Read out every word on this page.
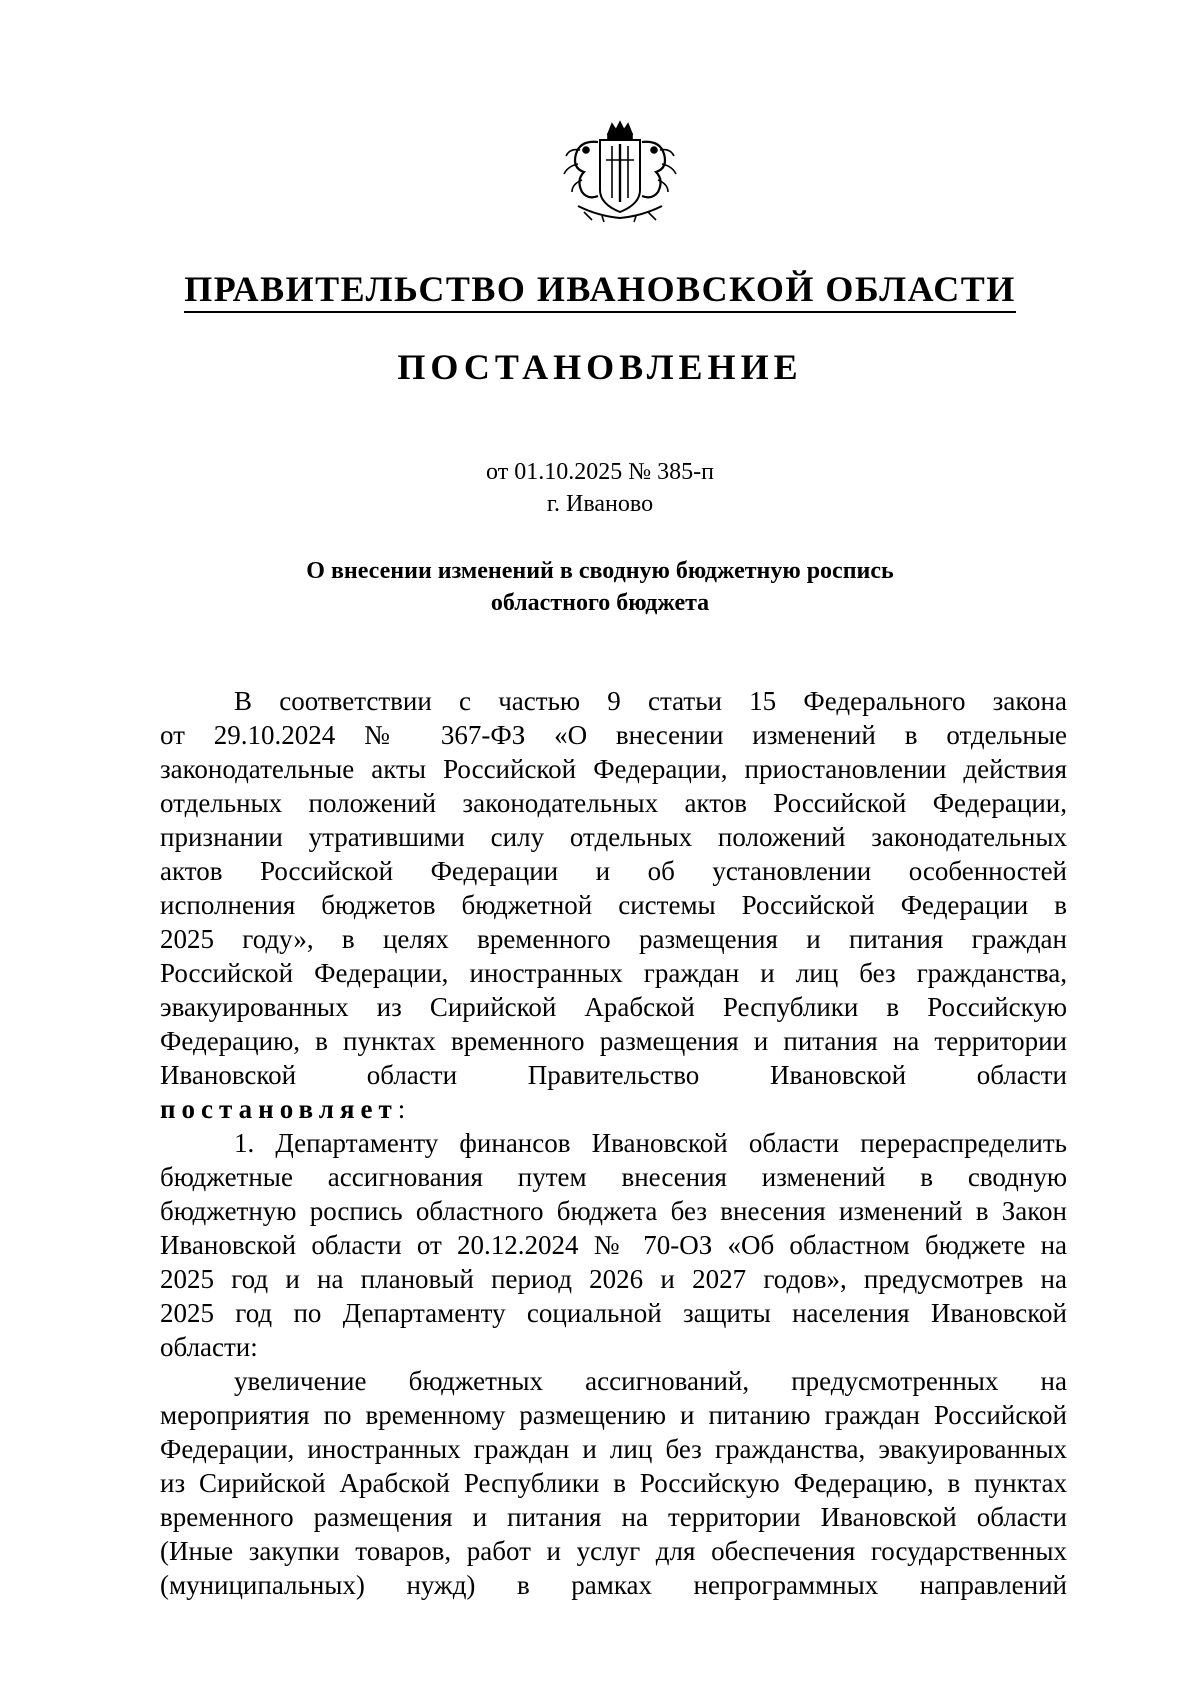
ПРАВИТЕЛЬСТВО ИВАНОВСКОЙ ОБЛАСТИ
ПОСТАНОВЛЕНИЕ
от 01.10.2025 № 385-п
г. Иваново
О внесении изменений в сводную бюджетную роспись
областного бюджета
В соответствии с частью 9 статьи 15 Федерального закона
от 29.10.2024 № 367-ФЗ «О внесении изменений в отдельные
законодательные акты Российской Федерации, приостановлении действия
отдельных положений законодательных актов Российской Федерации,
признании утратившими силу отдельных положений законодательных
актов Российской Федерации и об установлении особенностей
исполнения бюджетов бюджетной системы Российской Федерации в
2025 году», в целях временного размещения и питания граждан
Российской Федерации, иностранных граждан и лиц без гражданства,
эвакуированных из Сирийской Арабской Республики в Российскую
Федерацию, в пунктах временного размещения и питания на территории
Ивановской области Правительство Ивановской области
постановляет:
1. Департаменту финансов Ивановской области перераспределить
бюджетные ассигнования путем внесения изменений в сводную
бюджетную роспись областного бюджета без внесения изменений в Закон
Ивановской области от 20.12.2024 № 70-ОЗ «Об областном бюджете на
2025 год и на плановый период 2026 и 2027 годов», предусмотрев на
2025 год по Департаменту социальной защиты населения Ивановской
области:
увеличение бюджетных ассигнований, предусмотренных на
мероприятия по временному размещению и питанию граждан Российской
Федерации, иностранных граждан и лиц без гражданства, эвакуированных
из Сирийской Арабской Республики в Российскую Федерацию, в пунктах
временного размещения и питания на территории Ивановской области
(Иные закупки товаров, работ и услуг для обеспечения государственных
(муниципальных) нужд) в рамках непрограммных направлений
